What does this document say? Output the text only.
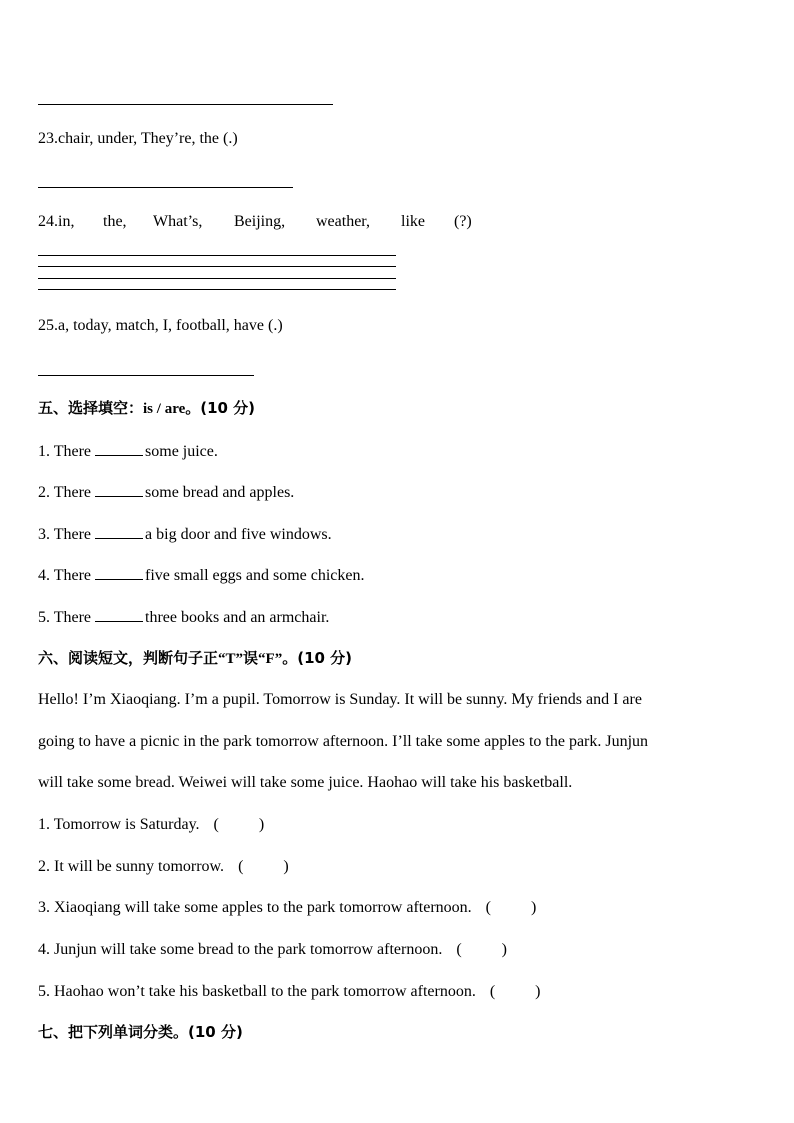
23.chair, under, They’re, the (.)
24.in, the, What’s, Beijing, weather, like (?)
25.a, today, match, I, football, have (.)
五、选择填空：is / are。(10 分)
1. There	some juice.
2. There	some bread and apples.
3. There	a big door and five windows.
4. There	five small eggs and some chicken.
5. There	three books and an armchair.
六、阅读短文，判断句子正“T”误“F”。(10 分)
Hello! I’m Xiaoqiang. I’m a pupil. Tomorrow is Sunday. It will be sunny. My friends and I are
going to have a picnic in the park tomorrow afternoon. I’ll take some apples to the park. Junjun
will take some bread. Weiwei will take some juice. Haohao will take his basketball.
1. Tomorrow is Saturday. (          )
2. It will be sunny tomorrow. (          )
3. Xiaoqiang will take some apples to the park tomorrow afternoon. (          )
4. Junjun will take some bread to the park tomorrow afternoon. (          )
5. Haohao won’t take his basketball to the park tomorrow afternoon. (          )
七、把下列单词分类。(10 分)
